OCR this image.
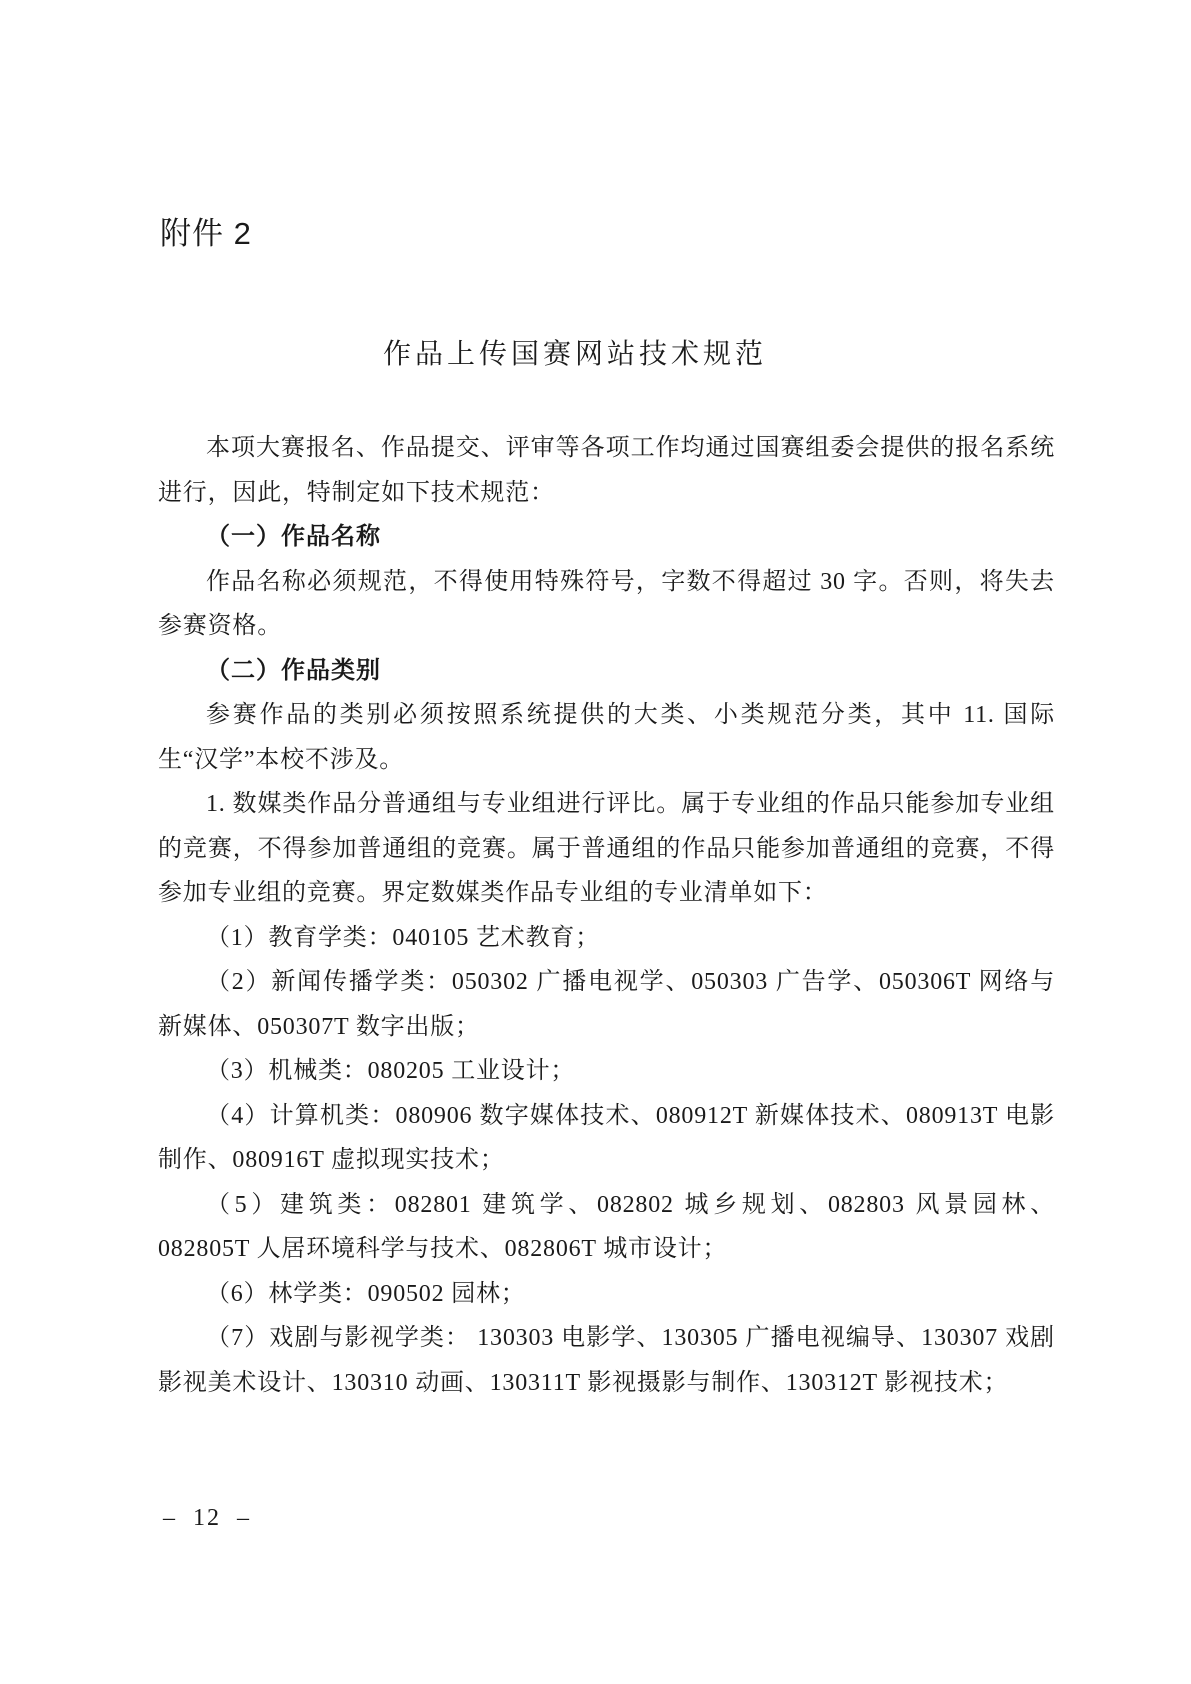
附件 2
作品上传国赛网站技术规范

本项大赛报名、作品提交、评审等各项工作均通过国赛组委会提供的报名系统进行，因此，特制定如下技术规范：

（一）作品名称

作品名称必须规范，不得使用特殊符号，字数不得超过 30 字。否则，将失去参赛资格。

（二）作品类别

参赛作品的类别必须按照系统提供的大类、小类规范分类，其中 11. 国际生“汉学”本校不涉及。

1. 数媒类作品分普通组与专业组进行评比。属于专业组的作品只能参加专业组的竞赛，不得参加普通组的竞赛。属于普通组的作品只能参加普通组的竞赛，不得参加专业组的竞赛。界定数媒类作品专业组的专业清单如下：

（1）教育学类：040105 艺术教育；

（2）新闻传播学类：050302 广播电视学、050303 广告学、050306T 网络与新媒体、050307T 数字出版；

（3）机械类：080205 工业设计；

（4）计算机类：080906 数字媒体技术、080912T 新媒体技术、080913T 电影制作、080916T 虚拟现实技术；

（5）建筑类：082801 建筑学、082802 城乡规划、082803 风景园林、082805T 人居环境科学与技术、082806T 城市设计；

（6）林学类：090502 园林；

（7）戏剧与影视学类： 130303 电影学、130305 广播电视编导、130307 戏剧影视美术设计、130310 动画、130311T 影视摄影与制作、130312T 影视技术；

– 12 –
